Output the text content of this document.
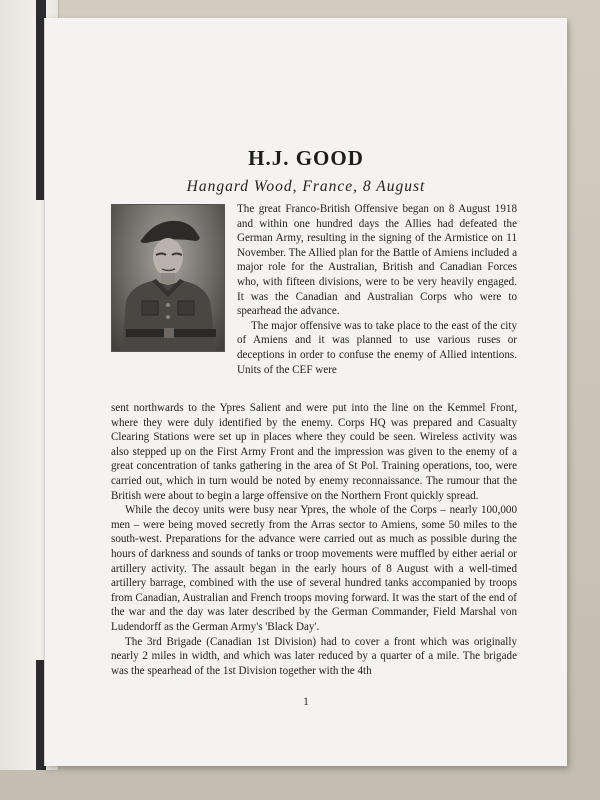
H.J. GOOD
Hangard Wood, France, 8 August

The great Franco-British Offensive began on 8 August 1918 and within one hundred days the Allies had defeated the German Army, resulting in the signing of the Armistice on 11 November. The Allied plan for the Battle of Amiens included a major role for the Australian, British and Canadian Forces who, with fifteen divisions, were to be very heavily engaged. It was the Canadian and Australian Corps who were to spearhead the advance.

The major offensive was to take place to the east of the city of Amiens and it was planned to use various ruses or deceptions in order to confuse the enemy of Allied intentions. Units of the CEF were

sent northwards to the Ypres Salient and were put into the line on the Kemmel Front, where they were duly identified by the enemy. Corps HQ was prepared and Casualty Clearing Stations were set up in places where they could be seen. Wireless activity was also stepped up on the First Army Front and the impression was given to the enemy of a great concentration of tanks gathering in the area of St Pol. Training operations, too, were carried out, which in turn would be noted by enemy reconnaissance. The rumour that the British were about to begin a large offensive on the Northern Front quickly spread.

While the decoy units were busy near Ypres, the whole of the Corps – nearly 100,000 men – were being moved secretly from the Arras sector to Amiens, some 50 miles to the south-west. Preparations for the advance were carried out as much as possible during the hours of darkness and sounds of tanks or troop movements were muffled by either aerial or artillery activity. The assault began in the early hours of 8 August with a well-timed artillery barrage, combined with the use of several hundred tanks accompanied by troops from Canadian, Australian and French troops moving forward. It was the start of the end of the war and the day was later described by the German Commander, Field Marshal von Ludendorff as the German Army's 'Black Day'.

The 3rd Brigade (Canadian 1st Division) had to cover a front which was originally nearly 2 miles in width, and which was later reduced by a quarter of a mile. The brigade was the spearhead of the 1st Division together with the 4th

1
